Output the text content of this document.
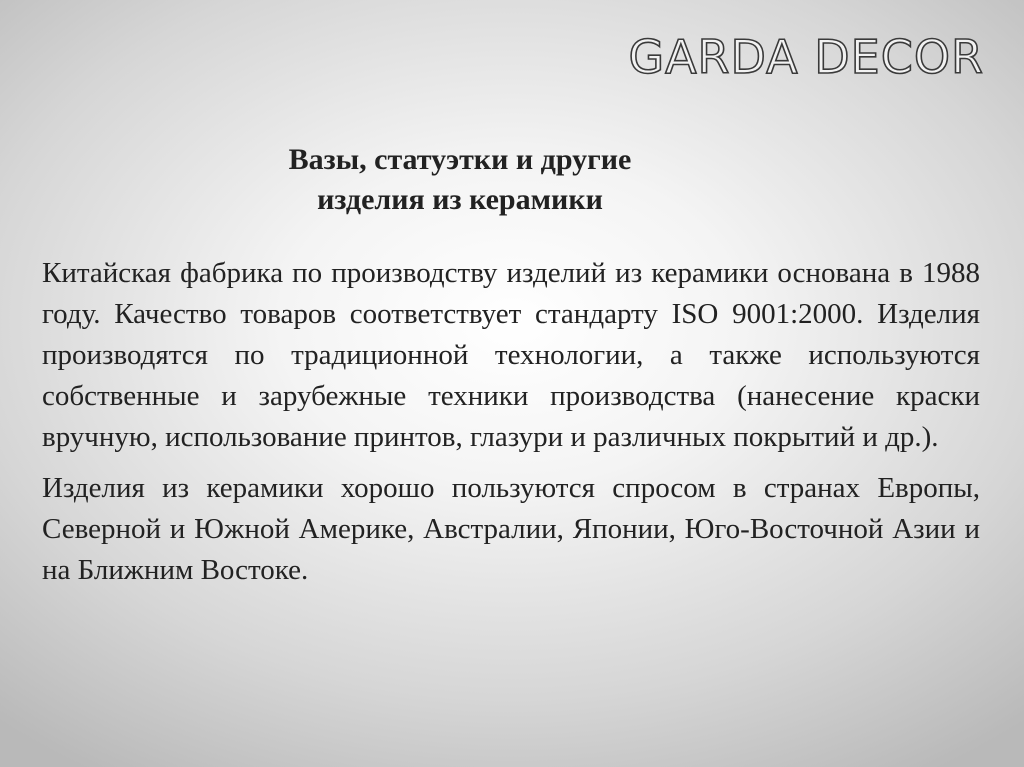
GARDA DECOR
Вазы, статуэтки и другие
изделия из керамики

Китайская фабрика по производству изделий из керамики основана в 1988 году. Качество товаров соответствует стандарту ISO 9001:2000. Изделия производятся по традиционной технологии, а также используются собственные и зарубежные техники производства (нанесение краски вручную, использование принтов, глазури и различных покрытий и др.).

Изделия из керамики хорошо пользуются спросом в странах Европы, Северной и Южной Америке, Австралии, Японии, Юго-Восточной Азии и на Ближним Востоке.
